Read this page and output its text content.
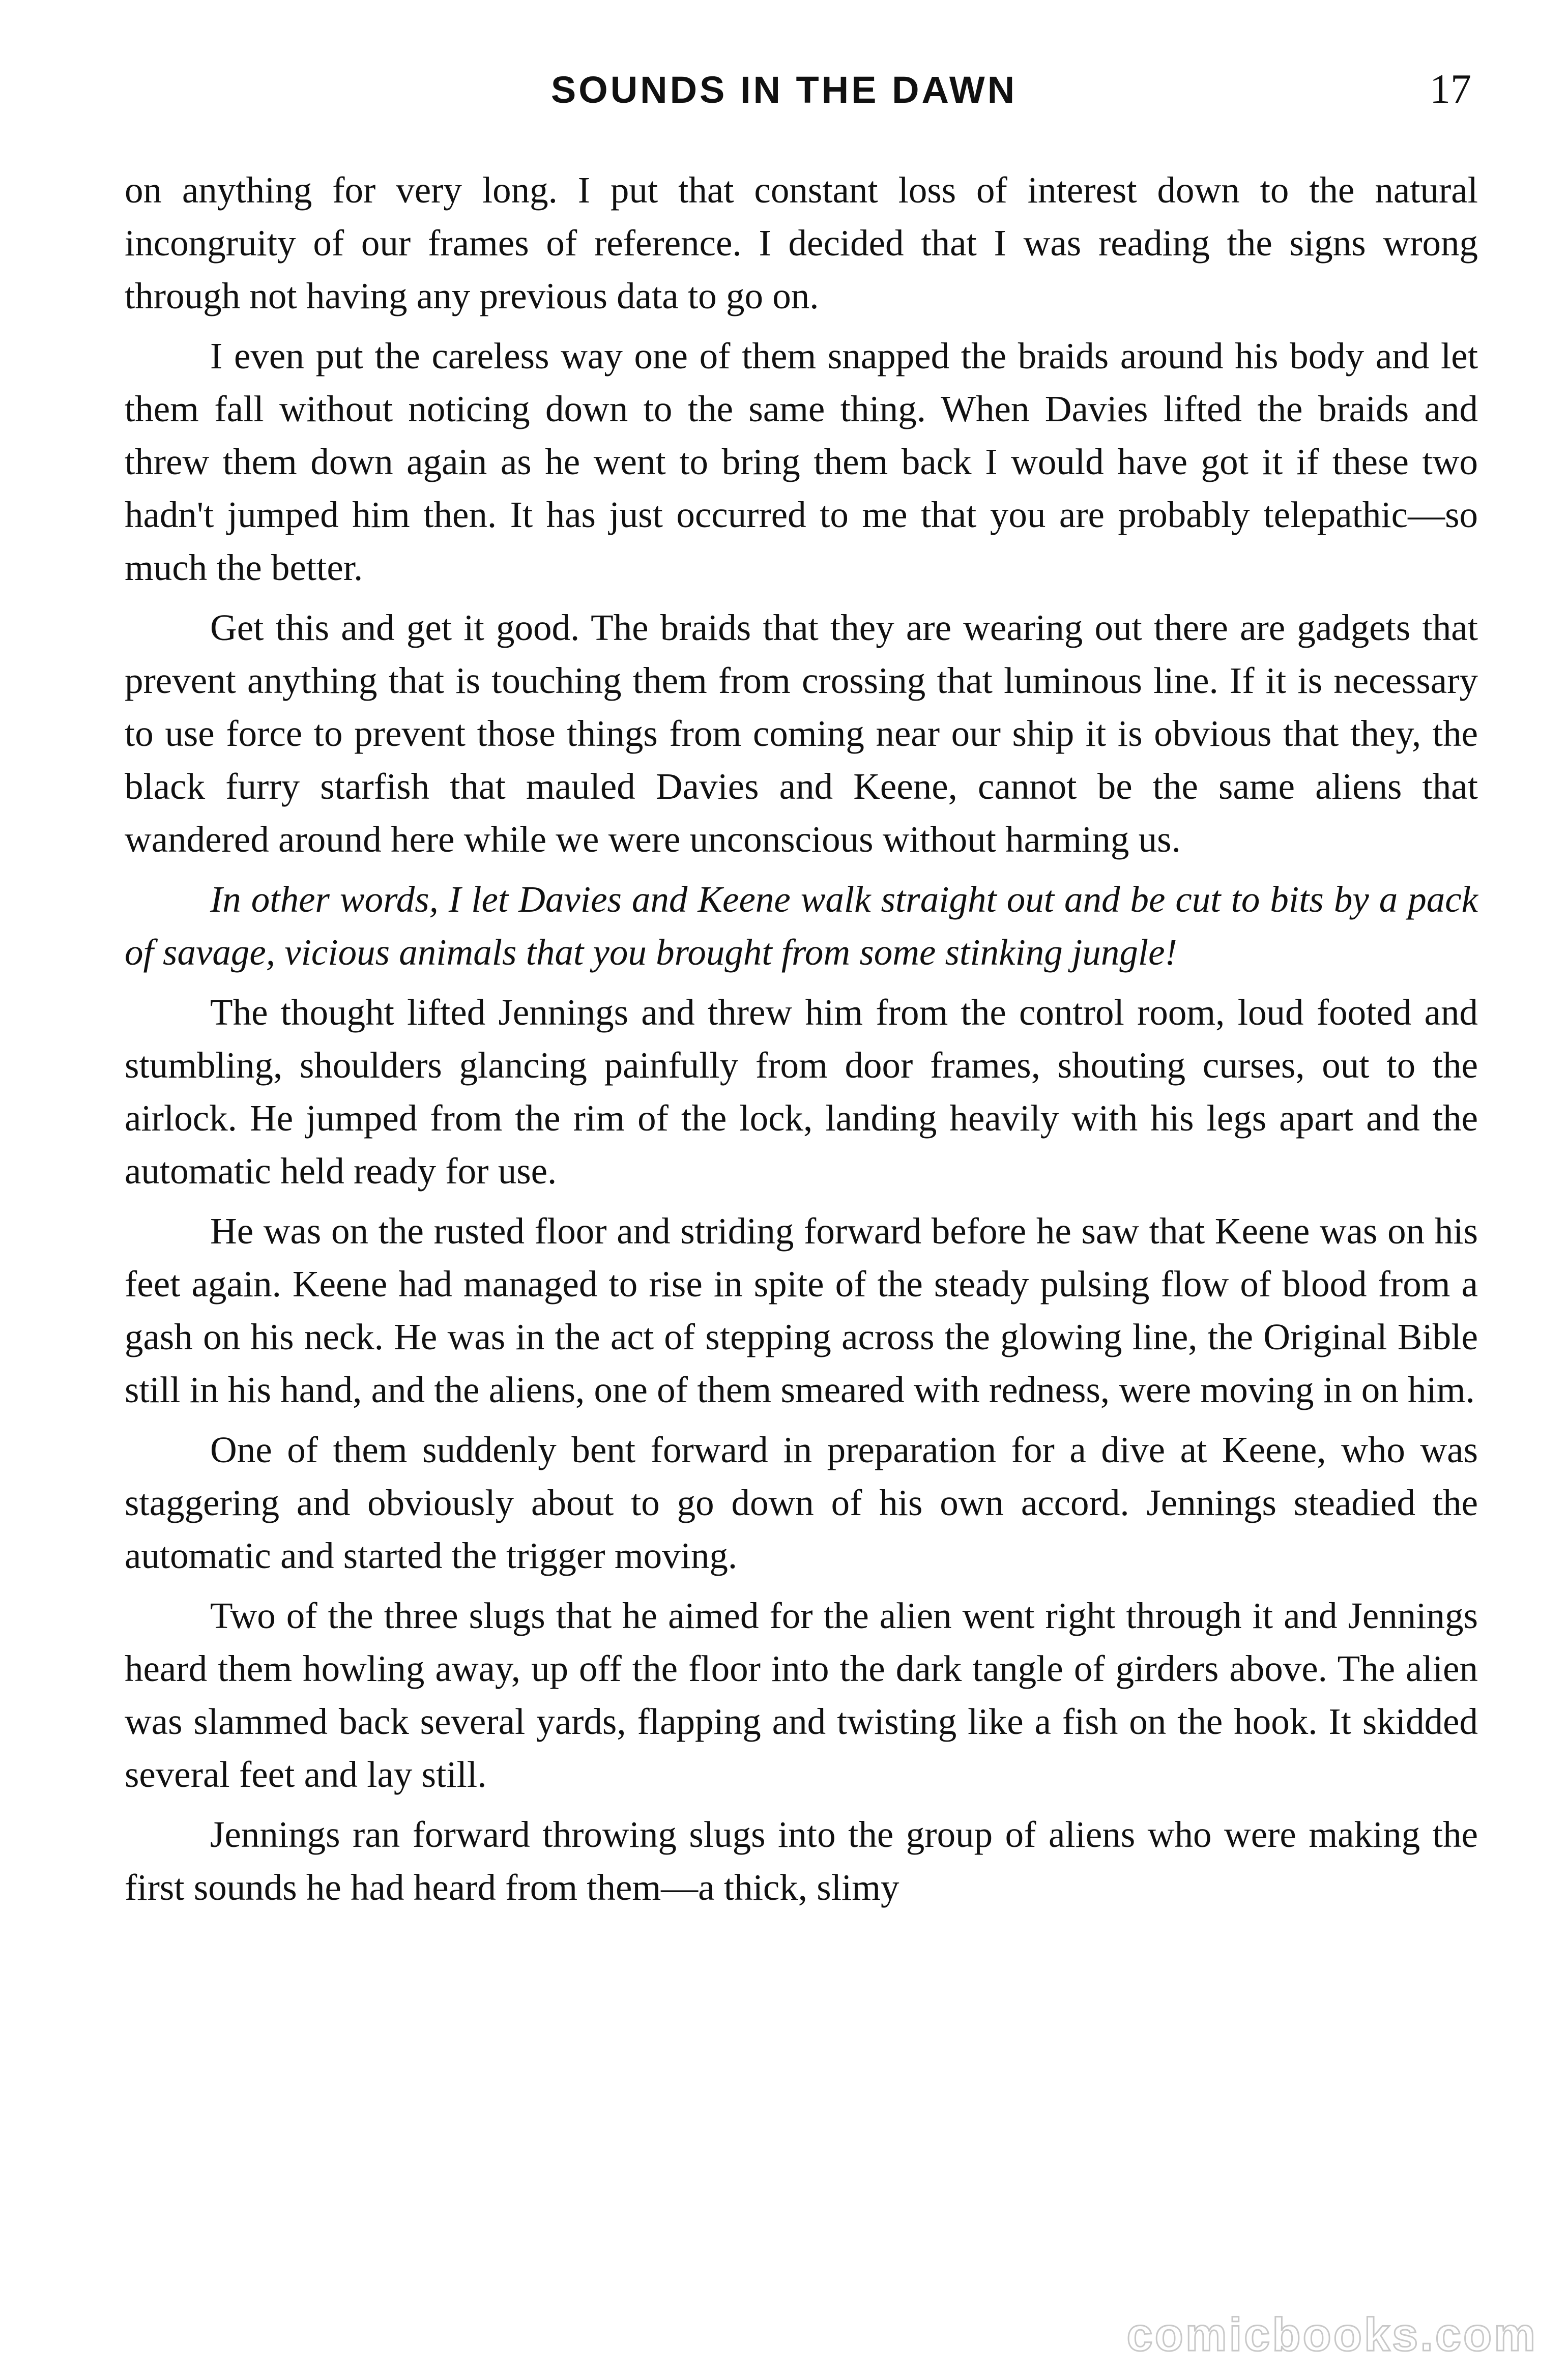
SOUNDS IN THE DAWN	17

on anything for very long. I put that constant loss of interest down to the natural incongruity of our frames of reference. I decided that I was reading the signs wrong through not having any previous data to go on.

I even put the careless way one of them snapped the braids around his body and let them fall without noticing down to the same thing. When Davies lifted the braids and threw them down again as he went to bring them back I would have got it if these two hadn't jumped him then. It has just occurred to me that you are probably telepathic—so much the better.

Get this and get it good. The braids that they are wearing out there are gadgets that prevent anything that is touching them from crossing that luminous line. If it is necessary to use force to prevent those things from coming near our ship it is obvious that they, the black furry starfish that mauled Davies and Keene, cannot be the same aliens that wandered around here while we were unconscious without harming us.

In other words, I let Davies and Keene walk straight out and be cut to bits by a pack of savage, vicious animals that you brought from some stinking jungle!

The thought lifted Jennings and threw him from the control room, loud footed and stumbling, shoulders glancing painfully from door frames, shouting curses, out to the airlock. He jumped from the rim of the lock, landing heavily with his legs apart and the automatic held ready for use.

He was on the rusted floor and striding forward before he saw that Keene was on his feet again. Keene had managed to rise in spite of the steady pulsing flow of blood from a gash on his neck. He was in the act of stepping across the glowing line, the Original Bible still in his hand, and the aliens, one of them smeared with redness, were moving in on him.

One of them suddenly bent forward in preparation for a dive at Keene, who was staggering and obviously about to go down of his own accord. Jennings steadied the automatic and started the trigger moving.

Two of the three slugs that he aimed for the alien went right through it and Jennings heard them howling away, up off the floor into the dark tangle of girders above. The alien was slammed back several yards, flapping and twisting like a fish on the hook. It skidded several feet and lay still.

Jennings ran forward throwing slugs into the group of aliens who were making the first sounds he had heard from them—a thick, slimy

comicbooks.com
